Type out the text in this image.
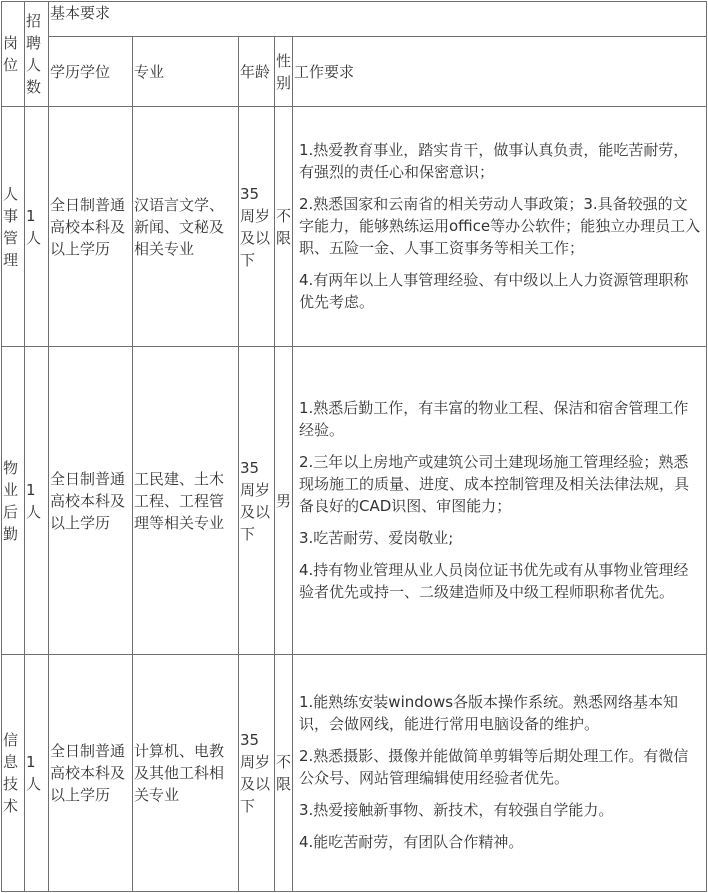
岗位	招聘人数	基本要求				
		学历学位	专业	年龄	性别	工作要求
人事管理	1人	全日制普通高校本科及以上学历	汉语言文学、新闻、文秘及相关专业	35周岁及以下	不限	1.热爱教育事业，踏实肯干，做事认真负责，能吃苦耐劳，有强烈的责任心和保密意识；

2.熟悉国家和云南省的相关劳动人事政策；3.具备较强的文字能力，能够熟练运用office等办公软件；能独立办理员工入职、五险一金、人事工资事务等相关工作；

4.有两年以上人事管理经验、有中级以上人力资源管理职称优先考虑。

物业后勤	1人	全日制普通高校本科及以上学历	工民建、土木工程、工程管理等相关专业	35周岁及以下	男	1.熟悉后勤工作，有丰富的物业工程、保洁和宿舍管理工作经验。

2.三年以上房地产或建筑公司土建现场施工管理经验；熟悉现场施工的质量、进度、成本控制管理及相关法律法规，具备良好的CAD识图、审图能力；

3.吃苦耐劳、爱岗敬业;

4.持有物业管理从业人员岗位证书优先或有从事物业管理经验者优先或持一、二级建造师及中级工程师职称者优先。

信息技术	1人	全日制普通高校本科及以上学历	计算机、电教及其他工科相关专业	35周岁及以下	不限	1.能熟练安装windows各版本操作系统。熟悉网络基本知识，会做网线，能进行常用电脑设备的维护。

2.熟悉摄影、摄像并能做简单剪辑等后期处理工作。有微信公众号、网站管理编辑使用经验者优先。

3.热爱接触新事物、新技术，有较强自学能力。

4.能吃苦耐劳，有团队合作精神。
